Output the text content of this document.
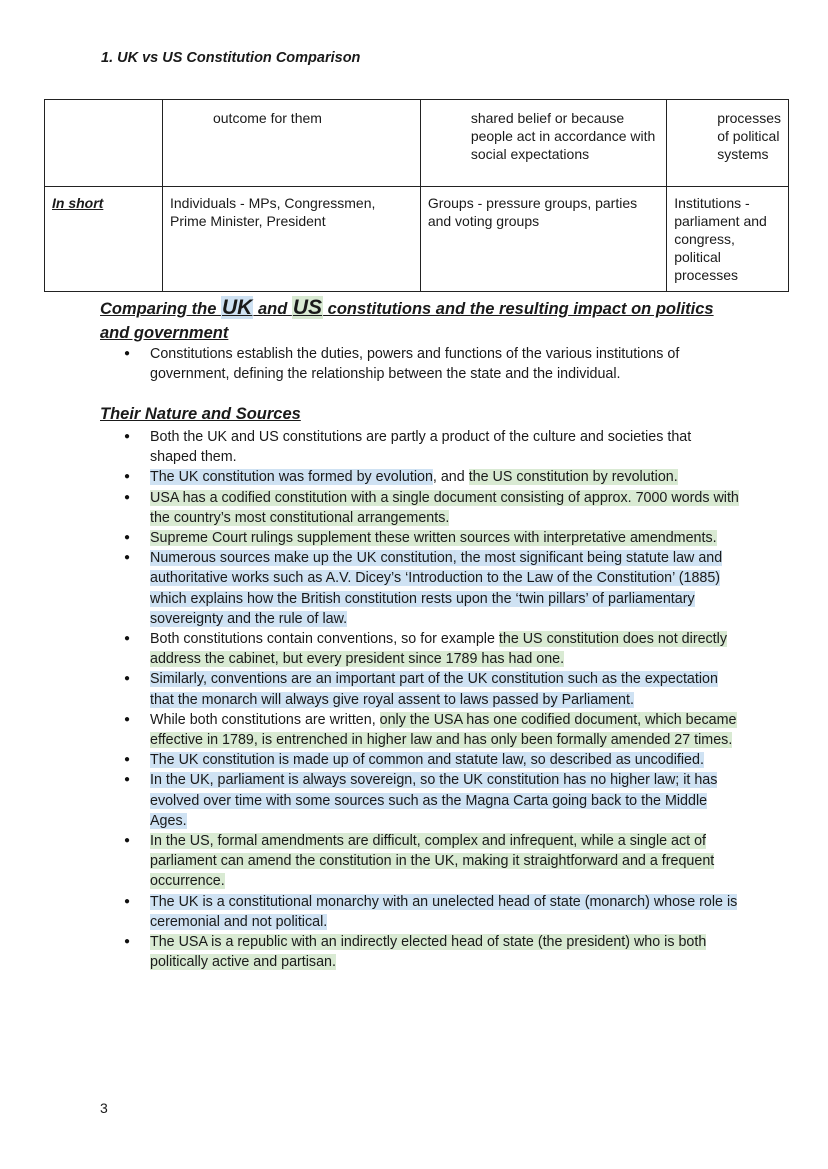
1. UK vs US Constitution Comparison
	outcome for them	shared belief or because people act in accordance with social expectations	processes of political systems
In short	Individuals - MPs, Congressmen, Prime Minister, President	Groups - pressure groups, parties and voting groups	Institutions - parliament and congress, political processes
Comparing the UK and US constitutions and the resulting impact on politics and government
● Constitutions establish the duties, powers and functions of the various institutions of government, defining the relationship between the state and the individual.
Their Nature and Sources
● Both the UK and US constitutions are partly a product of the culture and societies that shaped them.
● The UK constitution was formed by evolution, and the US constitution by revolution.
● USA has a codified constitution with a single document consisting of approx. 7000 words with the country’s most constitutional arrangements.
● Supreme Court rulings supplement these written sources with interpretative amendments.
● Numerous sources make up the UK constitution, the most significant being statute law and authoritative works such as A.V. Dicey’s ‘Introduction to the Law of the Constitution’ (1885) which explains how the British constitution rests upon the ‘twin pillars’ of parliamentary sovereignty and the rule of law.
● Both constitutions contain conventions, so for example the US constitution does not directly address the cabinet, but every president since 1789 has had one.
● Similarly, conventions are an important part of the UK constitution such as the expectation that the monarch will always give royal assent to laws passed by Parliament.
● While both constitutions are written, only the USA has one codified document, which became effective in 1789, is entrenched in higher law and has only been formally amended 27 times.
● The UK constitution is made up of common and statute law, so described as uncodified.
● In the UK, parliament is always sovereign, so the UK constitution has no higher law; it has evolved over time with some sources such as the Magna Carta going back to the Middle Ages.
● In the US, formal amendments are difficult, complex and infrequent, while a single act of parliament can amend the constitution in the UK, making it straightforward and a frequent occurrence.
● The UK is a constitutional monarchy with an unelected head of state (monarch) whose role is ceremonial and not political.
● The USA is a republic with an indirectly elected head of state (the president) who is both politically active and partisan.
3
